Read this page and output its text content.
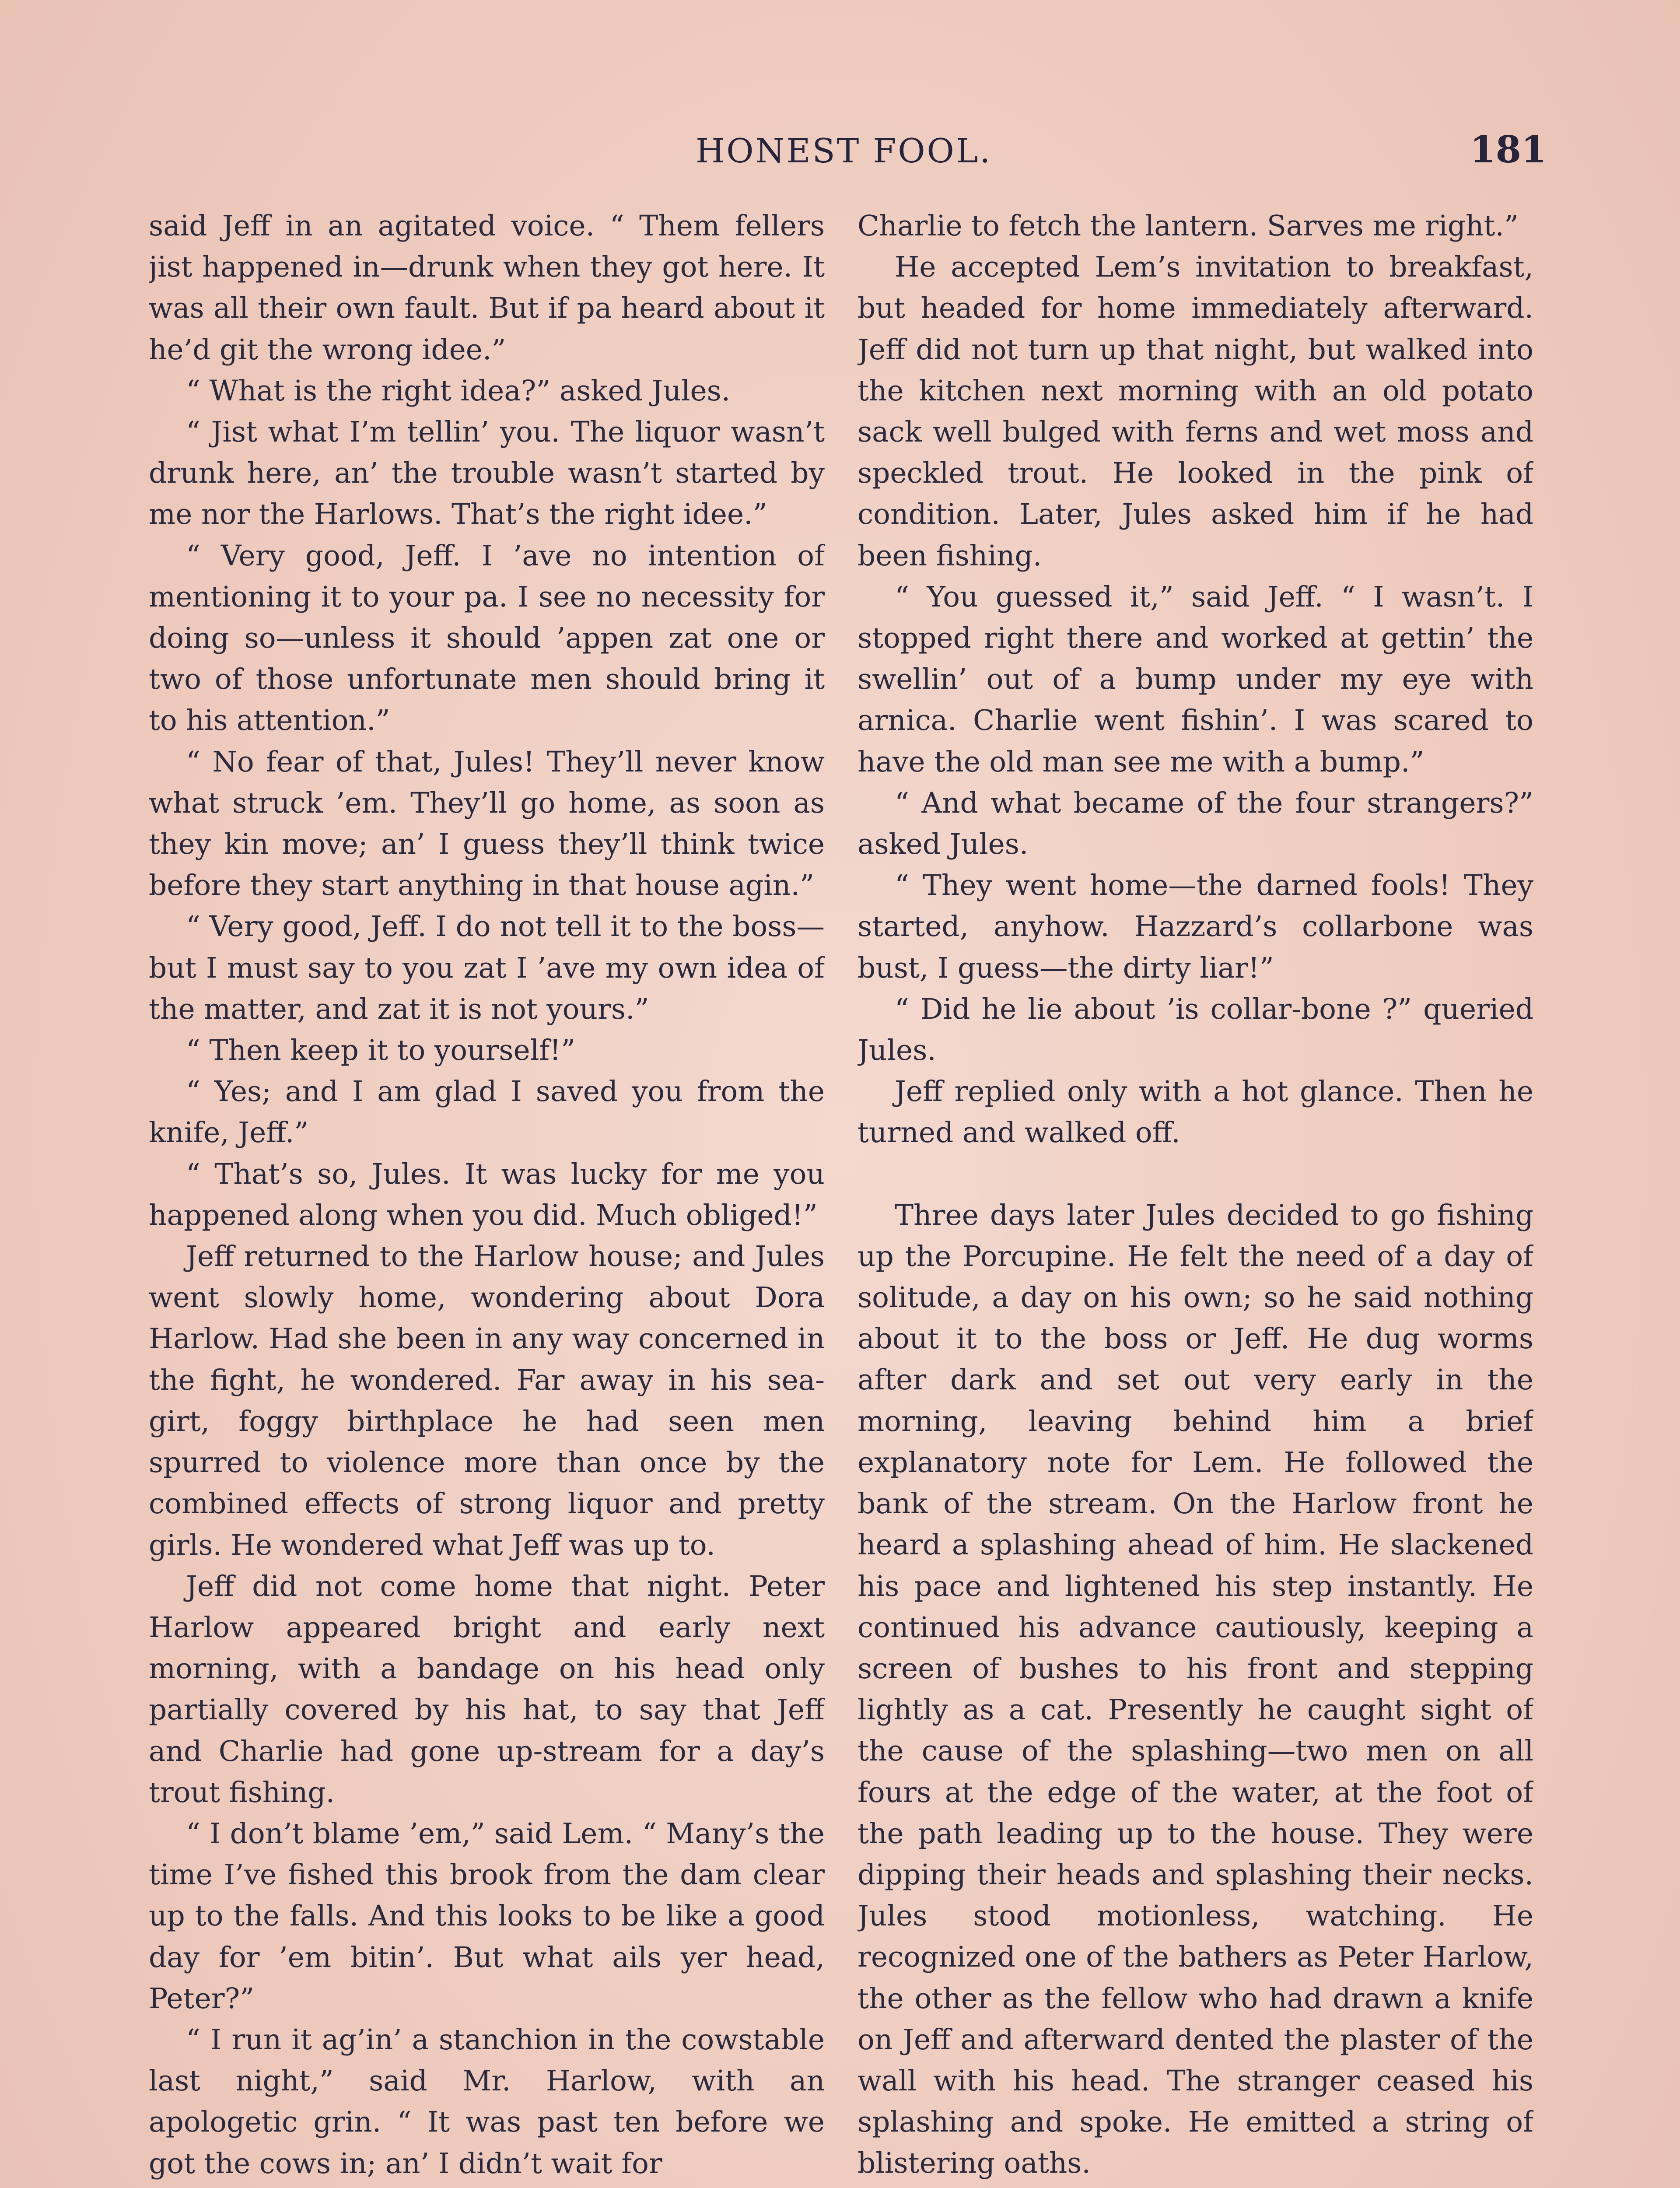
HONEST FOOL.	181

said Jeff in an agitated voice. “ Them fellers jist happened in—drunk when they got here. It was all their own fault. But if pa heard about it he’d git the wrong idee.”

“ What is the right idea?” asked Jules.

“ Jist what I’m tellin’ you. The liquor wasn’t drunk here, an’ the trouble wasn’t started by me nor the Harlows. That’s the right idee.”

“ Very good, Jeff. I ’ave no intention of mentioning it to your pa. I see no necessity for doing so—unless it should ’appen zat one or two of those unfortunate men should bring it to his attention.”

“ No fear of that, Jules! They’ll never know what struck ’em. They’ll go home, as soon as they kin move; an’ I guess they’ll think twice before they start anything in that house agin.”

“ Very good, Jeff. I do not tell it to the boss—but I must say to you zat I ’ave my own idea of the matter, and zat it is not yours.”

“ Then keep it to yourself!”

“ Yes; and I am glad I saved you from the knife, Jeff.”

“ That’s so, Jules. It was lucky for me you happened along when you did. Much obliged!”

Jeff returned to the Harlow house; and Jules went slowly home, wondering about Dora Harlow. Had she been in any way concerned in the fight, he wondered. Far away in his sea-girt, foggy birthplace he had seen men spurred to violence more than once by the combined effects of strong liquor and pretty girls. He wondered what Jeff was up to.

Jeff did not come home that night. Peter Harlow appeared bright and early next morning, with a bandage on his head only partially covered by his hat, to say that Jeff and Charlie had gone up-stream for a day’s trout fishing.

“ I don’t blame ’em,” said Lem. “ Many’s the time I’ve fished this brook from the dam clear up to the falls. And this looks to be like a good day for ’em bitin’. But what ails yer head, Peter?”

“ I run it ag’in’ a stanchion in the cowstable last night,” said Mr. Harlow, with an apologetic grin. “ It was past ten before we got the cows in; an’ I didn’t wait for

Charlie to fetch the lantern. Sarves me right.”

He accepted Lem’s invitation to breakfast, but headed for home immediately afterward. Jeff did not turn up that night, but walked into the kitchen next morning with an old potato sack well bulged with ferns and wet moss and speckled trout. He looked in the pink of condition. Later, Jules asked him if he had been fishing.

“ You guessed it,” said Jeff. “ I wasn’t. I stopped right there and worked at gettin’ the swellin’ out of a bump under my eye with arnica. Charlie went fishin’. I was scared to have the old man see me with a bump.”

“ And what became of the four strangers?” asked Jules.

“ They went home—the darned fools! They started, anyhow. Hazzard’s collarbone was bust, I guess—the dirty liar!”

“ Did he lie about ’is collar-bone ?” queried Jules.

Jeff replied only with a hot glance. Then he turned and walked off.

Three days later Jules decided to go fishing up the Porcupine. He felt the need of a day of solitude, a day on his own; so he said nothing about it to the boss or Jeff. He dug worms after dark and set out very early in the morning, leaving behind him a brief explanatory note for Lem. He followed the bank of the stream. On the Harlow front he heard a splashing ahead of him. He slackened his pace and lightened his step instantly. He continued his advance cautiously, keeping a screen of bushes to his front and stepping lightly as a cat. Presently he caught sight of the cause of the splashing—two men on all fours at the edge of the water, at the foot of the path leading up to the house. They were dipping their heads and splashing their necks. Jules stood motionless, watching. He recognized one of the bathers as Peter Harlow, the other as the fellow who had drawn a knife on Jeff and afterward dented the plaster of the wall with his head. The stranger ceased his splashing and spoke. He emitted a string of blistering oaths.
